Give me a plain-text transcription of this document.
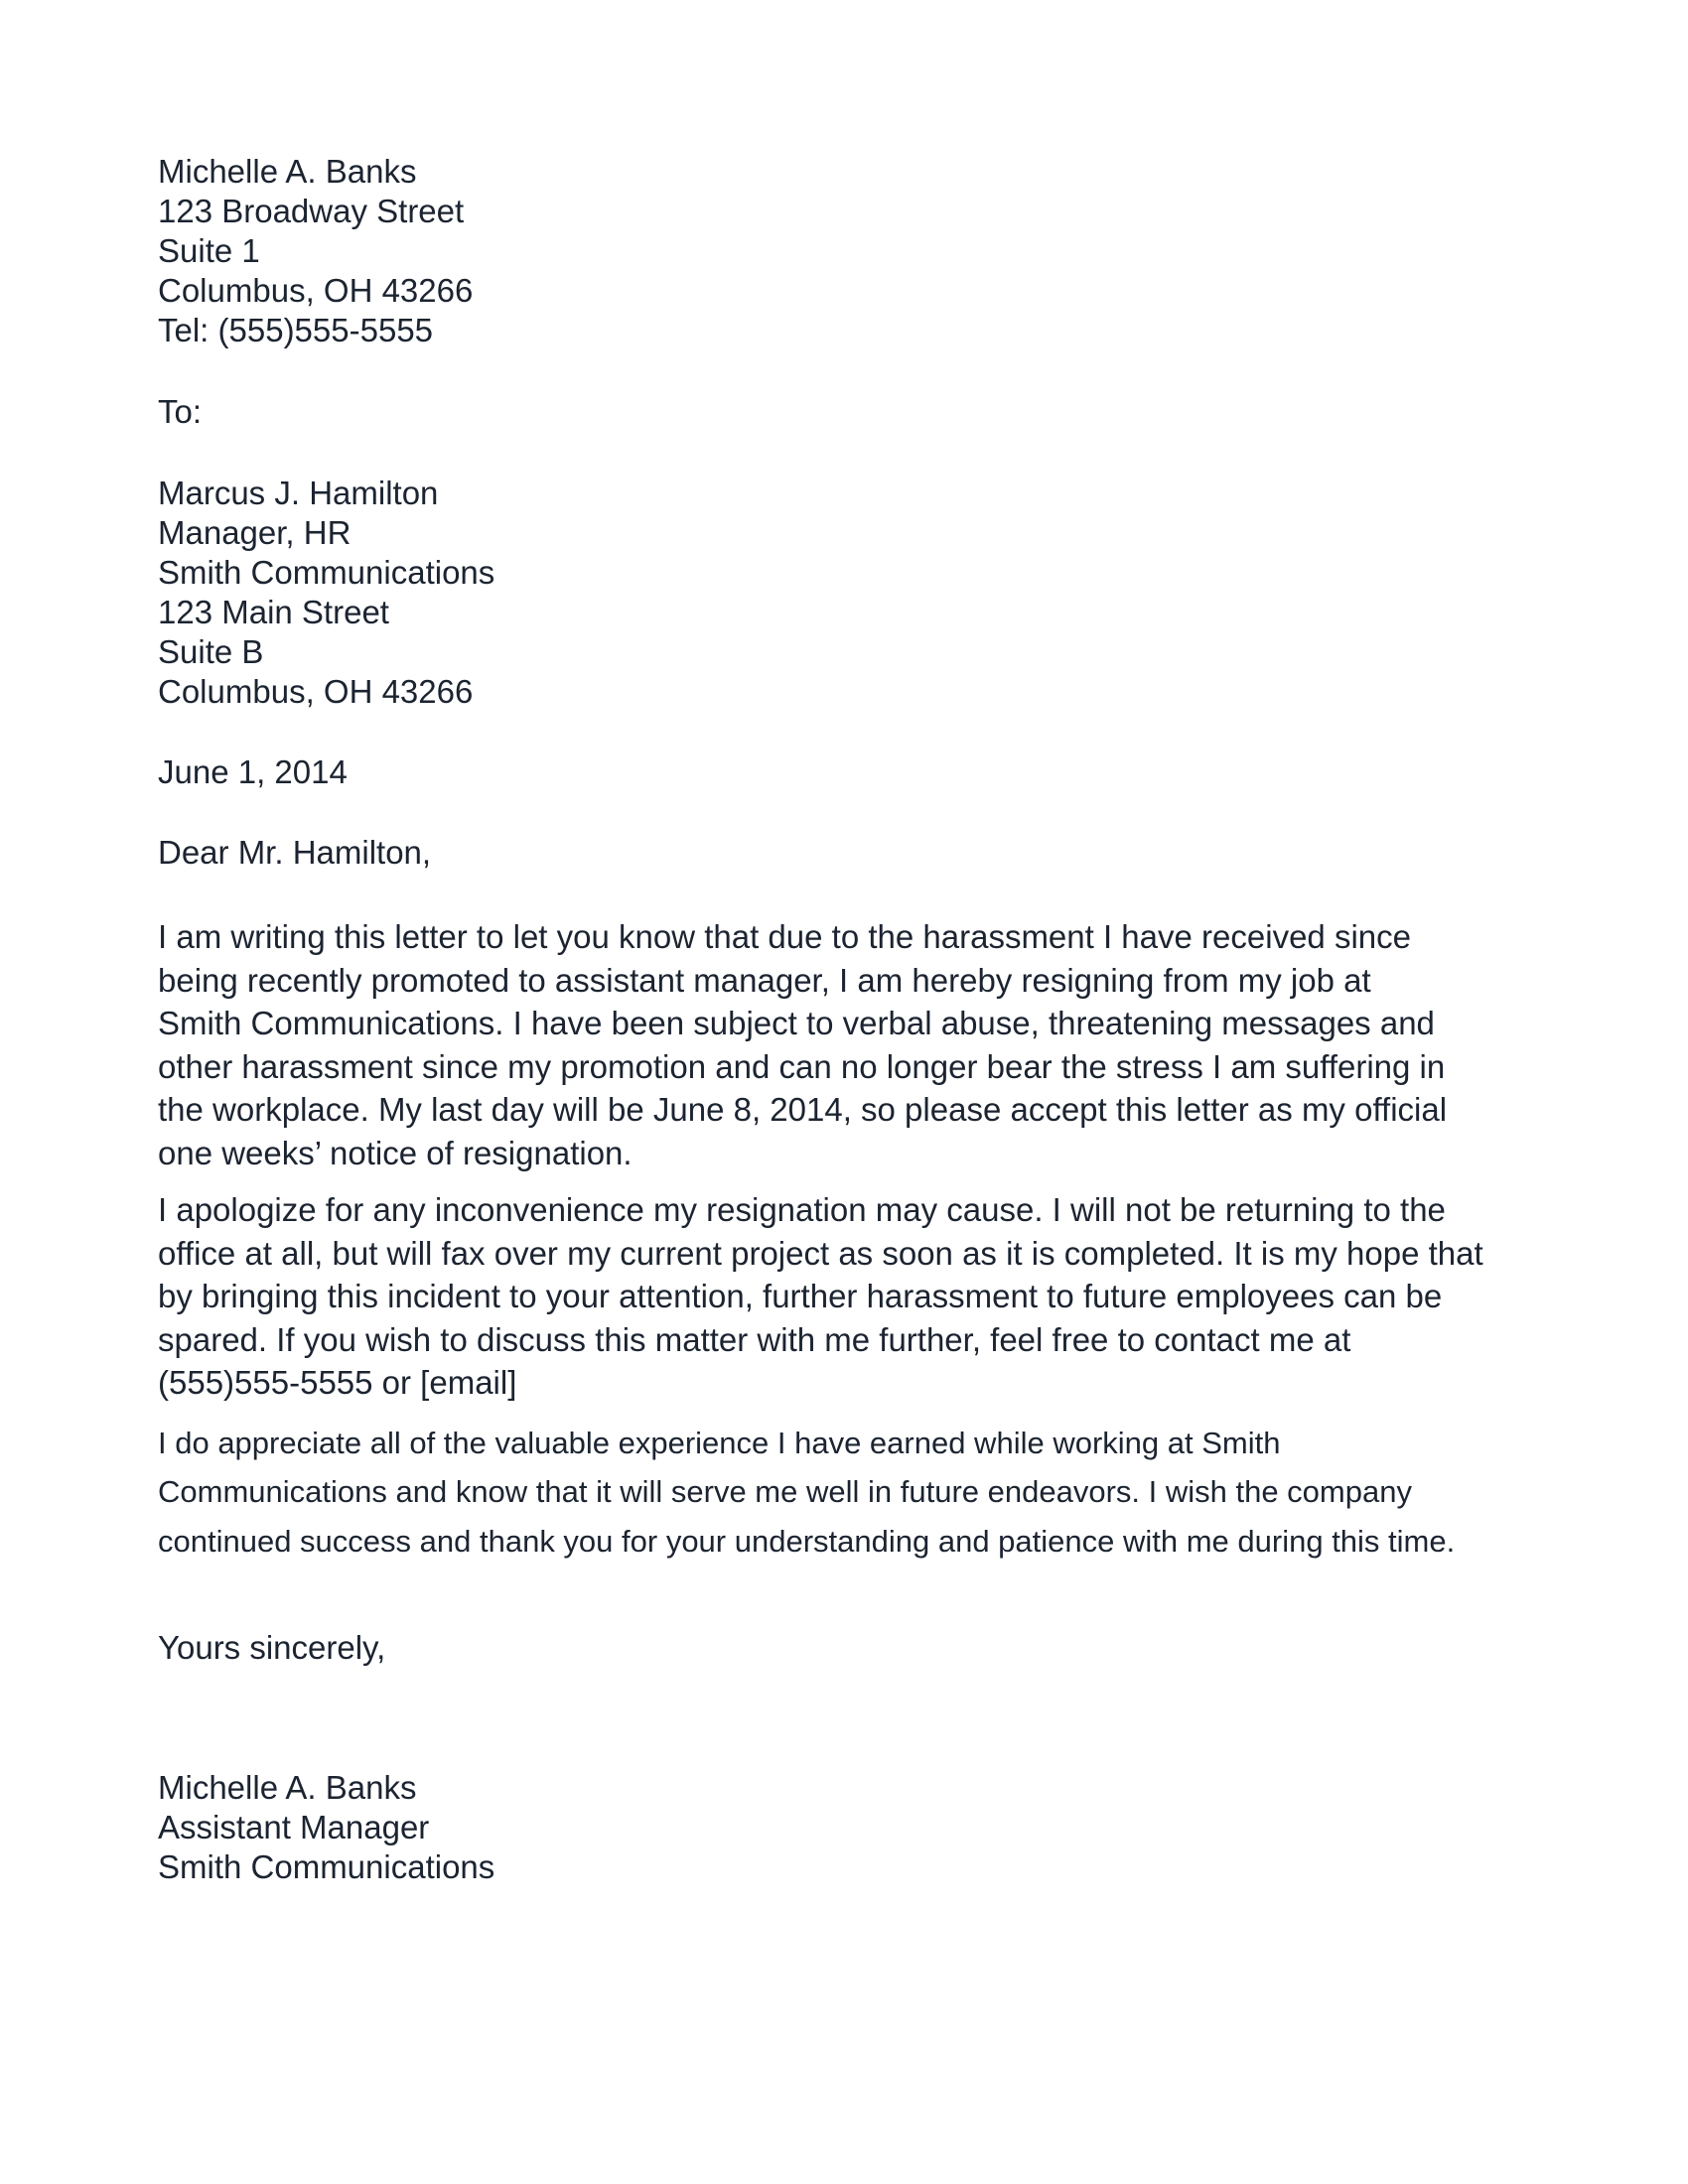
Michelle A. Banks
123 Broadway Street
Suite 1
Columbus, OH 43266
Tel: (555)555-5555
To:
Marcus J. Hamilton
Manager, HR
Smith Communications
123 Main Street
Suite B
Columbus, OH 43266
June 1, 2014
Dear Mr. Hamilton,
I am writing this letter to let you know that due to the harassment I have received since
being recently promoted to assistant manager, I am hereby resigning from my job at
Smith Communications. I have been subject to verbal abuse, threatening messages and
other harassment since my promotion and can no longer bear the stress I am suffering in
the workplace. My last day will be June 8, 2014, so please accept this letter as my official
one weeks’ notice of resignation.
I apologize for any inconvenience my resignation may cause. I will not be returning to the
office at all, but will fax over my current project as soon as it is completed. It is my hope that
by bringing this incident to your attention, further harassment to future employees can be
spared. If you wish to discuss this matter with me further, feel free to contact me at
(555)555-5555 or [email]
I do appreciate all of the valuable experience I have earned while working at Smith
Communications and know that it will serve me well in future endeavors. I wish the company
continued success and thank you for your understanding and patience with me during this time.
Yours sincerely,
Michelle A. Banks
Assistant Manager
Smith Communications
